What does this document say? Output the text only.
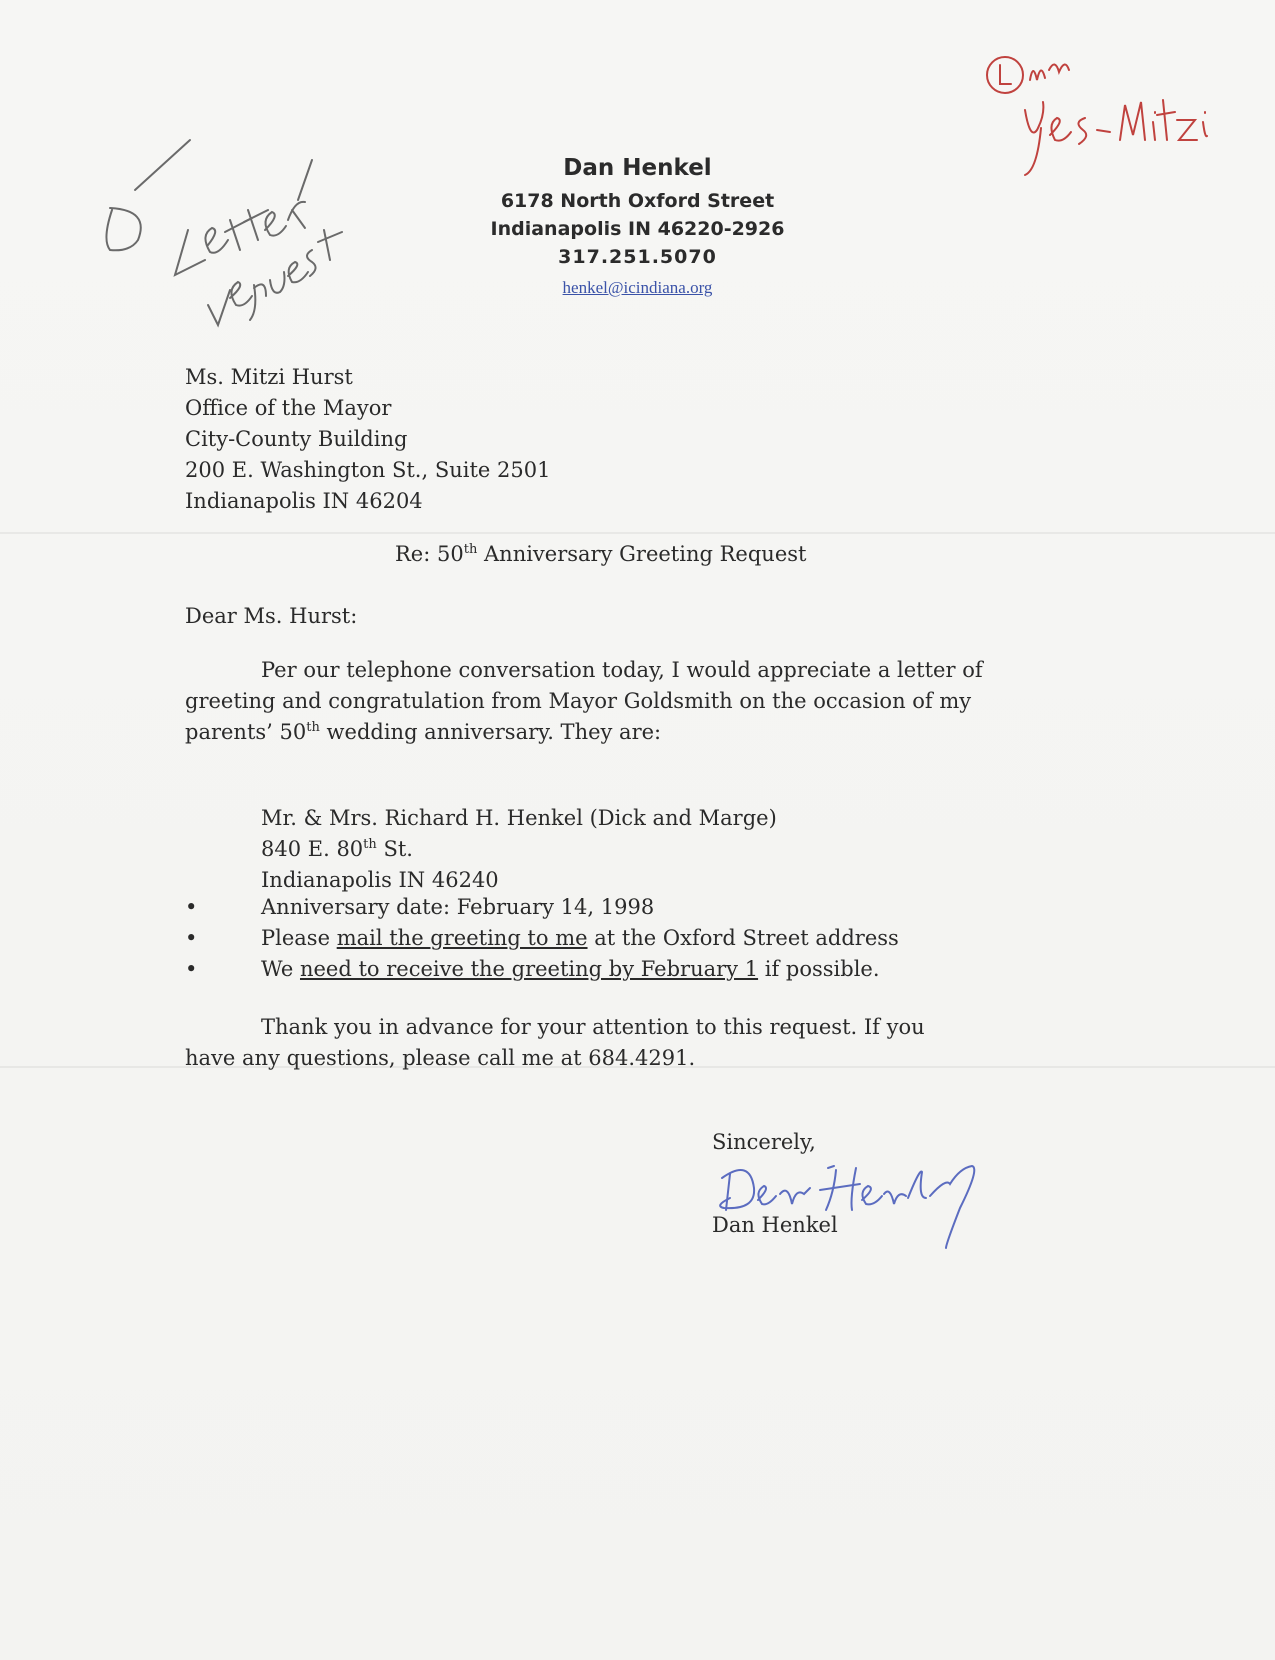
Dan Henkel
6178 North Oxford Street
Indianapolis IN 46220-2926
317.251.5070
henkel@icindiana.org
Ms. Mitzi Hurst
Office of the Mayor
City-County Building
200 E. Washington St., Suite 2501
Indianapolis IN 46204
Re: 50th Anniversary Greeting Request
Dear Ms. Hurst:
Per our telephone conversation today, I would appreciate a letter of
greeting and congratulation from Mayor Goldsmith on the occasion of my
parents’ 50th wedding anniversary. They are:
Mr. & Mrs. Richard H. Henkel (Dick and Marge)
840 E. 80th St.
Indianapolis IN 46240
•	Anniversary date: February 14, 1998
•	Please mail the greeting to me at the Oxford Street address
•	We need to receive the greeting by February 1 if possible.
Thank you in advance for your attention to this request. If you
have any questions, please call me at 684.4291.
Sincerely,
Dan Henkel
